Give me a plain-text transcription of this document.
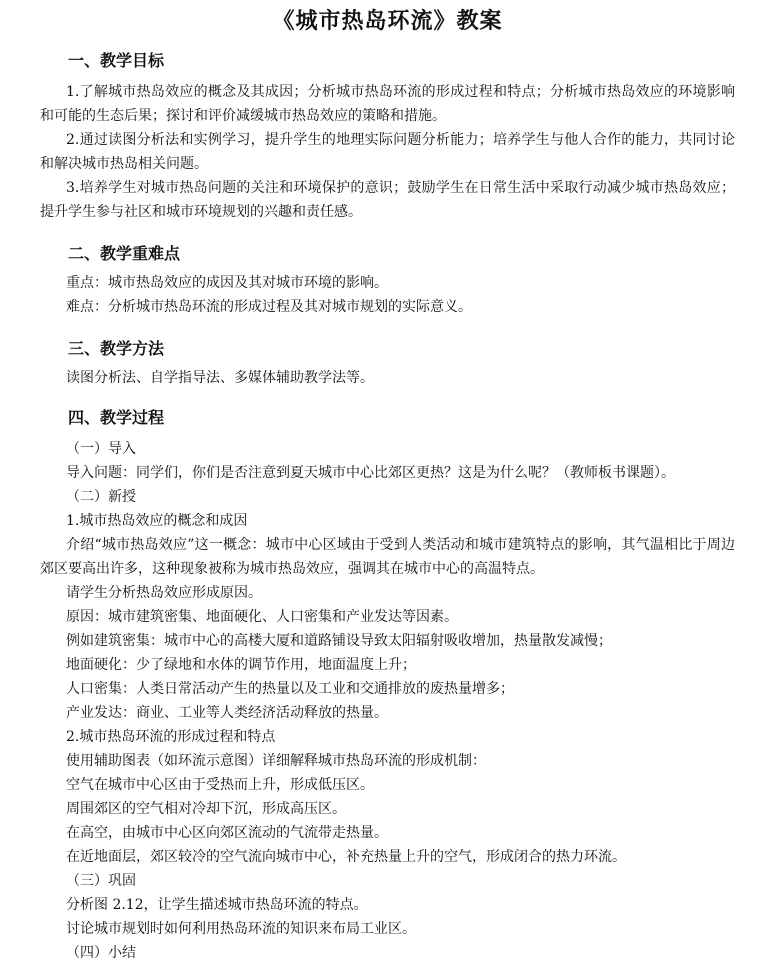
《城市热岛环流》教案
一、教学目标
1.了解城市热岛效应的概念及其成因；分析城市热岛环流的形成过程和特点；分析城市热岛效应的环境影响和可能的生态后果；探讨和评价减缓城市热岛效应的策略和措施。
2.通过读图分析法和实例学习，提升学生的地理实际问题分析能力；培养学生与他人合作的能力，共同讨论和解决城市热岛相关问题。
3.培养学生对城市热岛问题的关注和环境保护的意识；鼓励学生在日常生活中采取行动减少城市热岛效应；提升学生参与社区和城市环境规划的兴趣和责任感。
二、教学重难点
重点：城市热岛效应的成因及其对城市环境的影响。
难点：分析城市热岛环流的形成过程及其对城市规划的实际意义。
三、教学方法
读图分析法、自学指导法、多媒体辅助教学法等。
四、教学过程
（一）导入
导入问题：同学们，你们是否注意到夏天城市中心比郊区更热？这是为什么呢？（教师板书课题）。
（二）新授
1.城市热岛效应的概念和成因
介绍“城市热岛效应”这一概念：城市中心区域由于受到人类活动和城市建筑特点的影响，其气温相比于周边郊区要高出许多，这种现象被称为城市热岛效应，强调其在城市中心的高温特点。
请学生分析热岛效应形成原因。
原因：城市建筑密集、地面硬化、人口密集和产业发达等因素。
例如建筑密集：城市中心的高楼大厦和道路铺设导致太阳辐射吸收增加，热量散发减慢；
地面硬化：少了绿地和水体的调节作用，地面温度上升；
人口密集：人类日常活动产生的热量以及工业和交通排放的废热量增多；
产业发达：商业、工业等人类经济活动释放的热量。
2.城市热岛环流的形成过程和特点
使用辅助图表（如环流示意图）详细解释城市热岛环流的形成机制：
空气在城市中心区由于受热而上升，形成低压区。
周围郊区的空气相对冷却下沉，形成高压区。
在高空，由城市中心区向郊区流动的气流带走热量。
在近地面层，郊区较冷的空气流向城市中心，补充热量上升的空气，形成闭合的热力环流。
（三）巩固
分析图 2.12，让学生描述城市热岛环流的特点。
讨论城市规划时如何利用热岛环流的知识来布局工业区。
（四）小结
